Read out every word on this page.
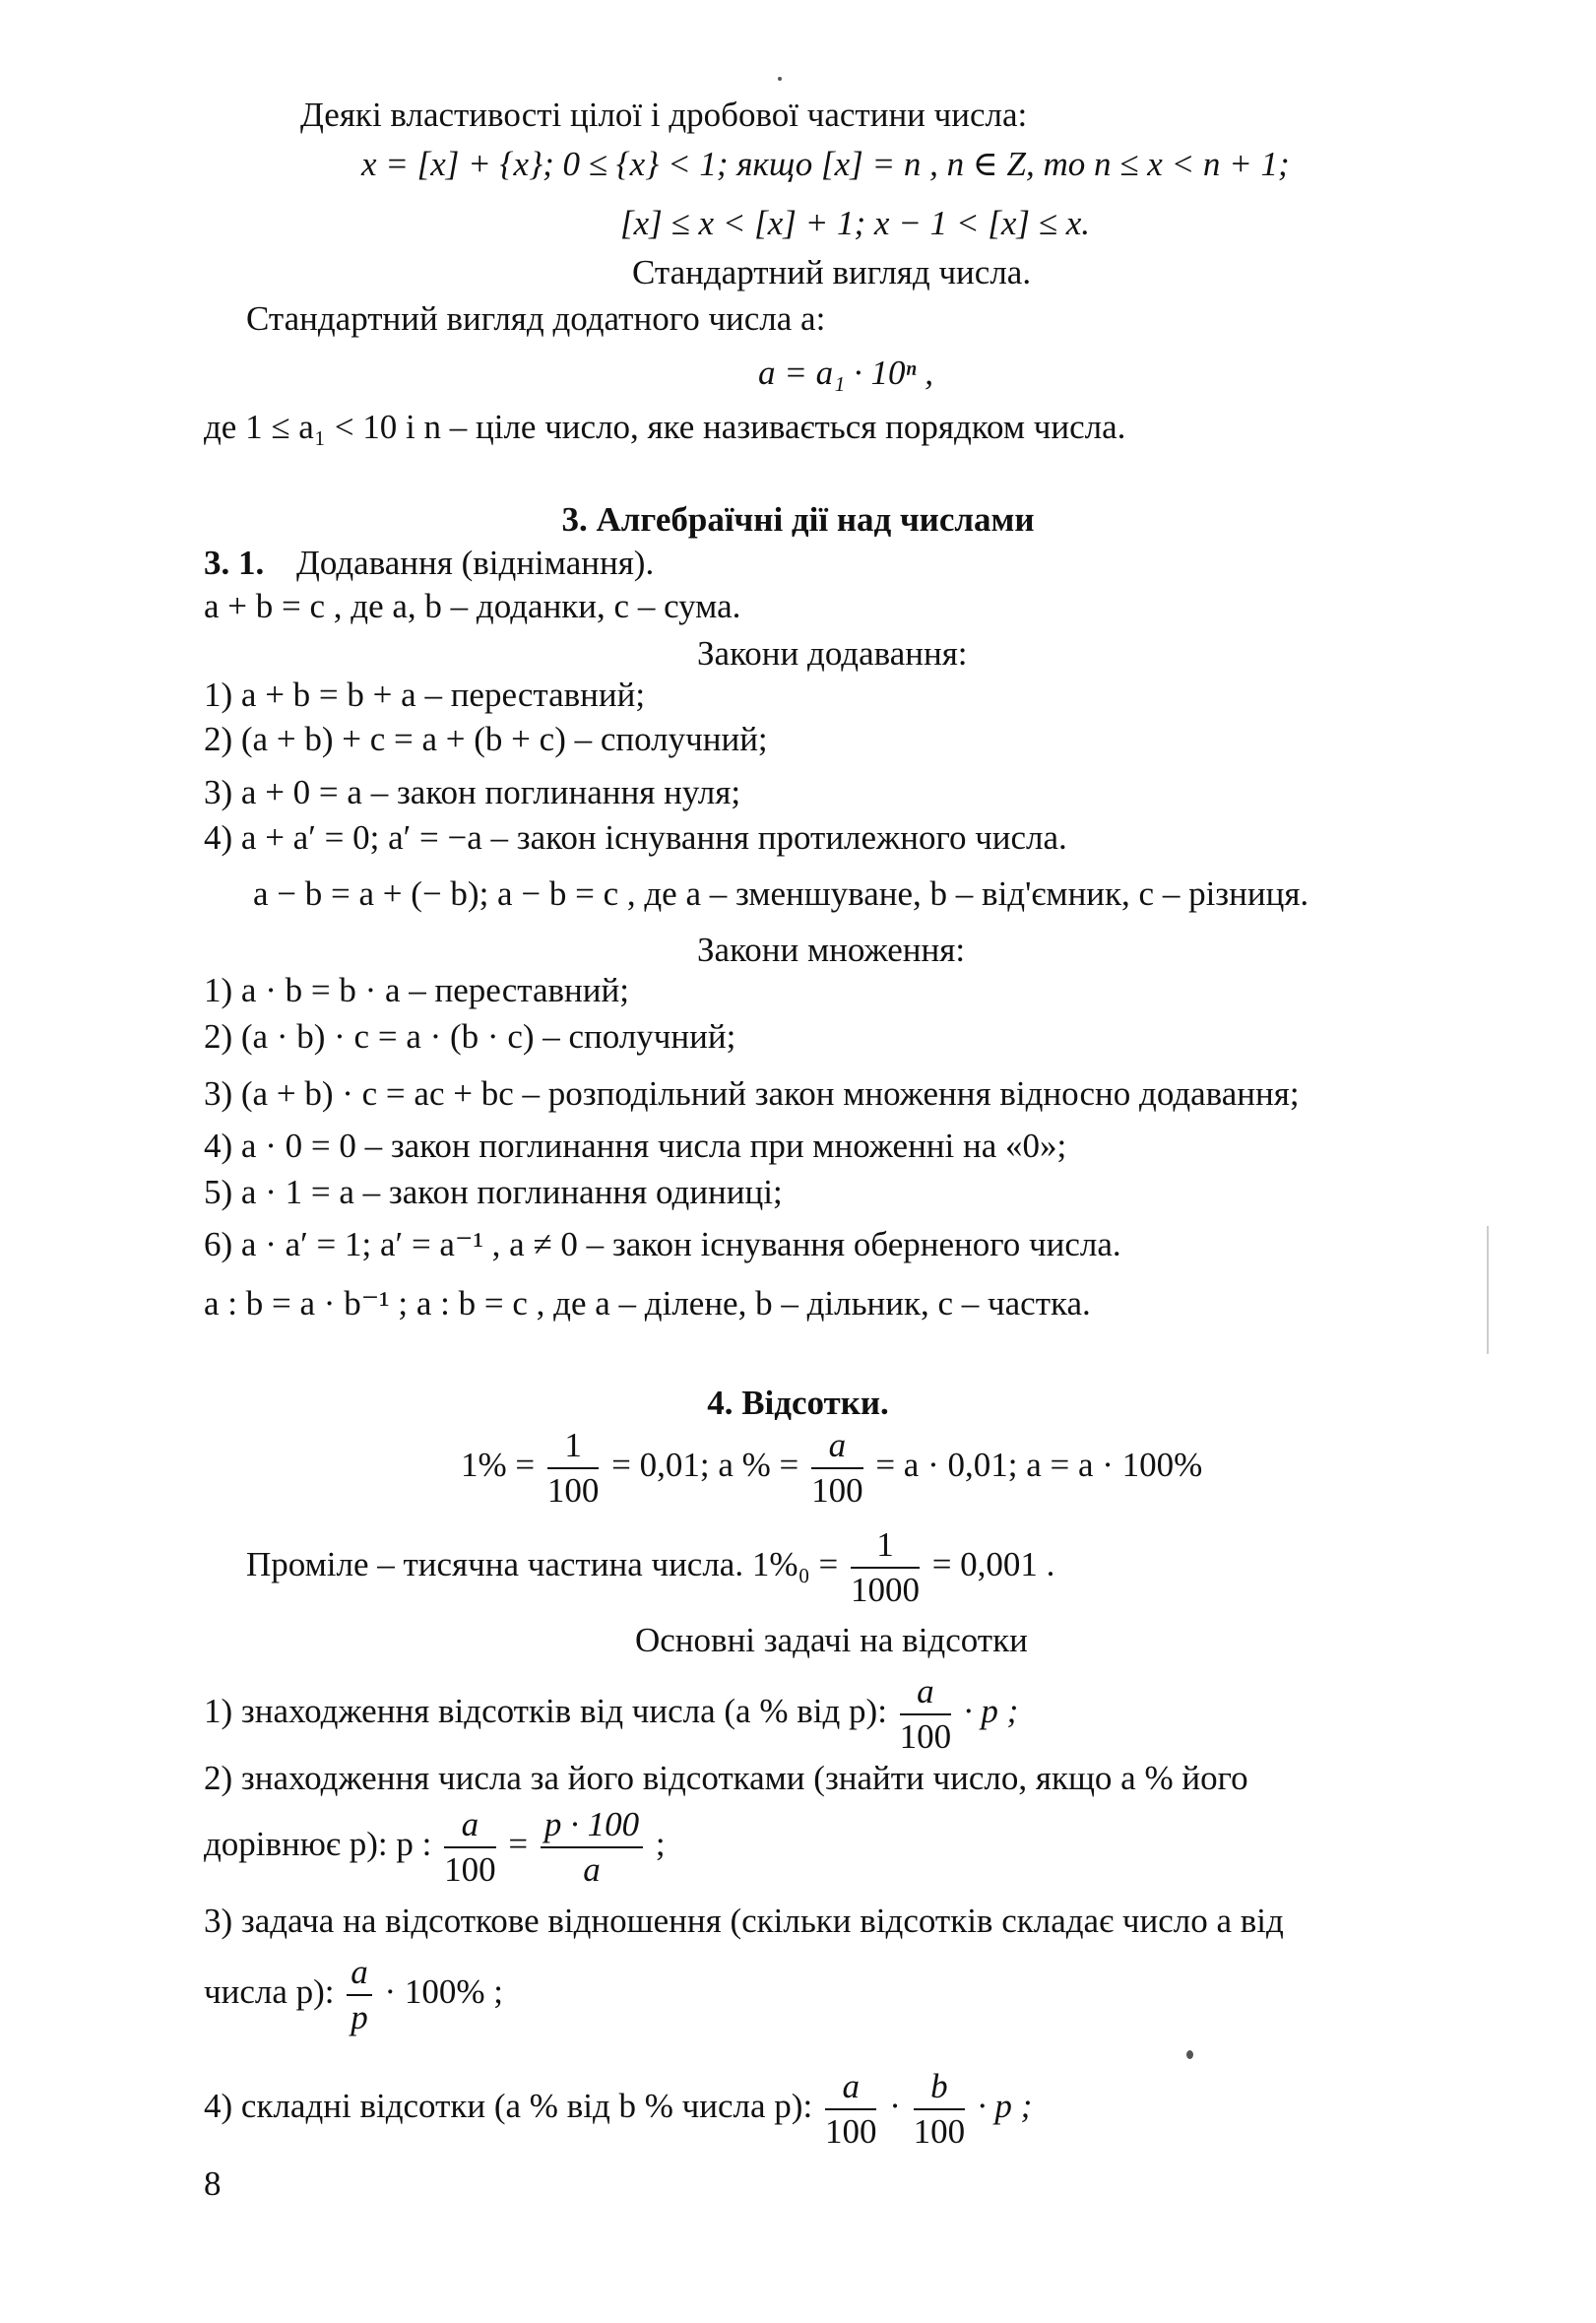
Деякі властивості цілої і дробової частини числа:
x = [x] + {x}; 0 ≤ {x} < 1; якщо [x] = n , n ∈ Z, то n ≤ x < n + 1;
[x] ≤ x < [x] + 1; x − 1 < [x] ≤ x.
Стандартний вигляд числа.
Стандартний вигляд додатного числа a:
a = a₁ · 10ⁿ ,
де 1 ≤ a₁ < 10 і n – ціле число, яке називається порядком числа.
3. Алгебраїчні дії над числами
3. 1. Додавання (віднімання).
a + b = c , де a, b – доданки, c – сума.
Закони додавання:
1) a + b = b + a – переставний;
2) (a + b) + c = a + (b + c) – сполучний;
3) a + 0 = a – закон поглинання нуля;
4) a + a′ = 0; a′ = −a – закон існування протилежного числа.
a − b = a + (− b); a − b = c , де a – зменшуване, b – від'ємник, c – різниця.
Закони множення:
1) a · b = b · a – переставний;
2) (a · b) · c = a · (b · c) – сполучний;
3) (a + b) · c = ac + bc – розподільний закон множення відносно додавання;
4) a · 0 = 0 – закон поглинання числа при множенні на «0»;
5) a · 1 = a – закон поглинання одиниці;
6) a · a′ = 1; a′ = a⁻¹ , a ≠ 0 – закон існування оберненого числа.
a : b = a · b⁻¹ ; a : b = c , де a – ділене, b – дільник, c – частка.
4. Відсотки.
$1\% = \frac{1}{100} = 0,01$; a % = $\frac{a}{100} = a \cdot 0,01$; a = a · 100%
Проміле – тисячна частина числа. $1\%_0 = \frac{1}{1000} = 0,001$ .
Основні задачі на відсотки
1) знаходження відсотків від числа (a % від p): $\frac{a}{100} \cdot p$ ;
2) знаходження числа за його відсотками (знайти число, якщо a % його
дорівнює p): p : $\frac{a}{100} = \frac{p \cdot 100}{a}$ ;
3) задача на відсоткове відношення (скільки відсотків складає число a від
числа p): $\frac{a}{p} \cdot 100\%$ ;
4) складні відсотки (a % від b % числа p): $\frac{a}{100} \cdot \frac{b}{100} \cdot p$ ;
8
